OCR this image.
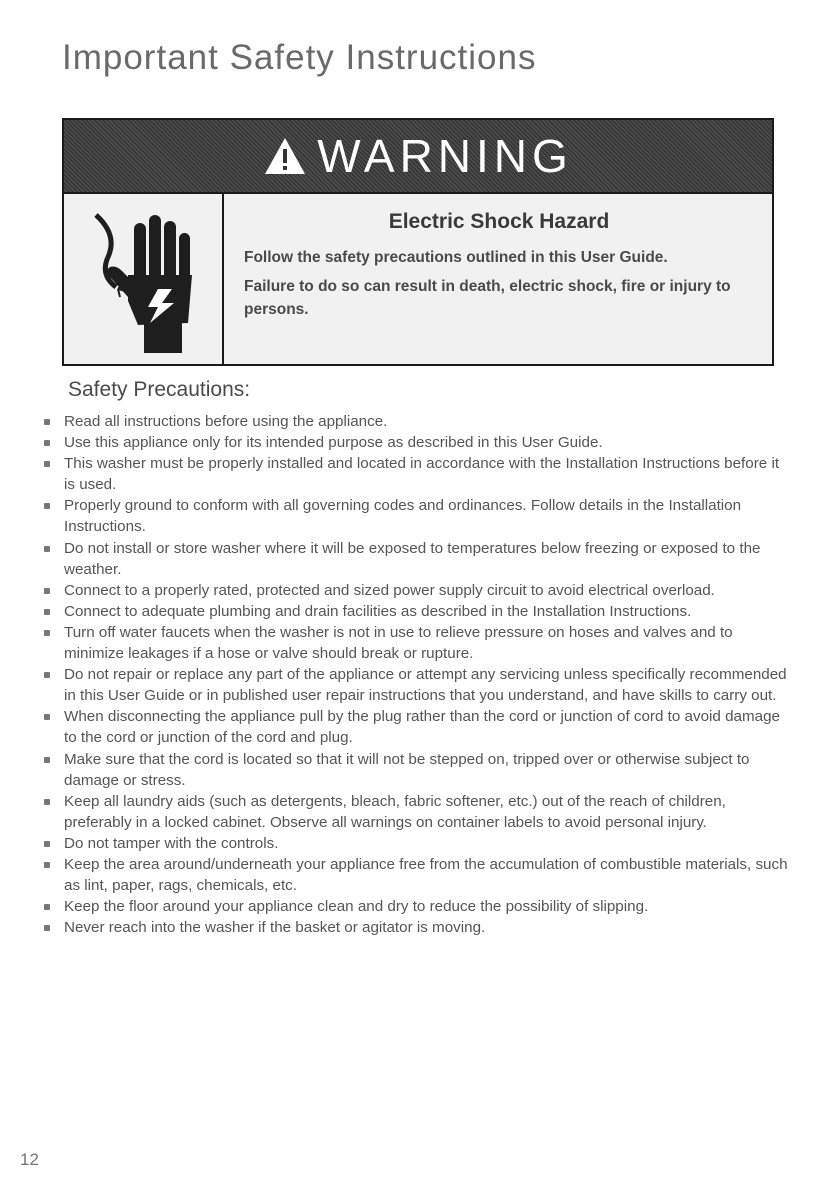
Important Safety Instructions
WARNING

Electric Shock Hazard

Follow the safety precautions outlined in this User Guide.

Failure to do so can result in death, electric shock, fire or injury to persons.

Safety Precautions:
Read all instructions before using the appliance.
Use this appliance only for its intended purpose as described in this User Guide.
This washer must be properly installed and located in accordance with the Installation Instructions before it is used.
Properly ground to conform with all governing codes and ordinances. Follow details in the Installation Instructions.
Do not install or store washer where it will be exposed to temperatures below freezing or exposed to the weather.
Connect to a properly rated, protected and sized power supply circuit to avoid electrical overload.
Connect to adequate plumbing and drain facilities as described in the Installation Instructions.
Turn off water faucets when the washer is not in use to relieve pressure on hoses and valves and to minimize leakages if a hose or valve should break or rupture.
Do not repair or replace any part of the appliance or attempt any servicing unless specifically recommended in this User Guide or in published user repair instructions that you understand, and have skills to carry out.
When disconnecting the appliance pull by the plug rather than the cord or junction of cord to avoid damage to the cord or junction of the cord and plug.
Make sure that the cord is located so that it will not be stepped on, tripped over or otherwise subject to damage or stress.
Keep all laundry aids (such as detergents, bleach, fabric softener, etc.) out of the reach of children, preferably in a locked cabinet. Observe all warnings on container labels to avoid personal injury.
Do not tamper with the controls.
Keep the area around/underneath your appliance free from the accumulation of combustible materials, such as lint, paper, rags, chemicals, etc.
Keep the floor around your appliance clean and dry to reduce the possibility of slipping.
Never reach into the washer if the basket or agitator is moving.
12
